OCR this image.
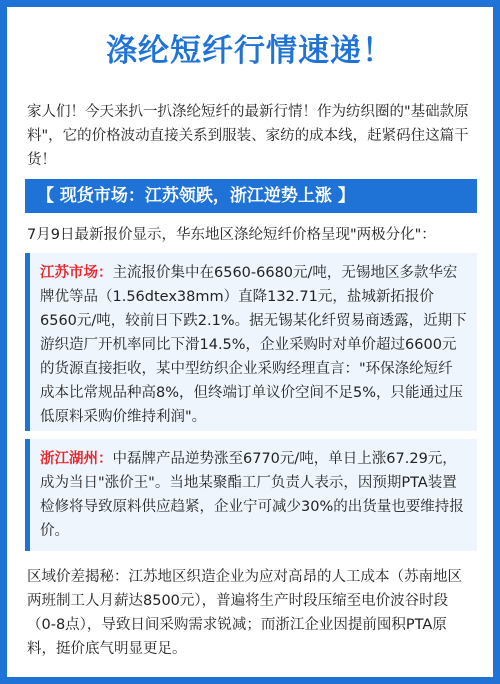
涤纶短纤行情速递！
家人们！今天来扒一扒涤纶短纤的最新行情！作为纺织圈的"基础款原料"，它的价格波动直接关系到服装、家纺的成本线，赶紧码住这篇干货！
【 现货市场：江苏领跌，浙江逆势上涨 】
7月9日最新报价显示，华东地区涤纶短纤价格呈现"两极分化"：
江苏市场：主流报价集中在6560-6680元/吨，无锡地区多款华宏牌优等品（1.56dtex38mm）直降132.71元，盐城新拓报价6560元/吨，较前日下跌2.1%。据无锡某化纤贸易商透露，近期下游织造厂开机率同比下滑14.5%，企业采购时对单价超过6600元的货源直接拒收，某中型纺织企业采购经理直言："环保涤纶短纤成本比常规品种高8%，但终端订单议价空间不足5%，只能通过压低原料采购价维持利润"。
浙江湖州：中磊牌产品逆势涨至6770元/吨，单日上涨67.29元，成为当日"涨价王"。当地某聚酯工厂负责人表示，因预期PTA装置检修将导致原料供应趋紧，企业宁可减少30%的出货量也要维持报价。
区域价差揭秘：江苏地区织造企业为应对高昂的人工成本（苏南地区两班制工人月薪达8500元），普遍将生产时段压缩至电价波谷时段（0-8点），导致日间采购需求锐减；而浙江企业因提前囤积PTA原料，挺价底气明显更足。
